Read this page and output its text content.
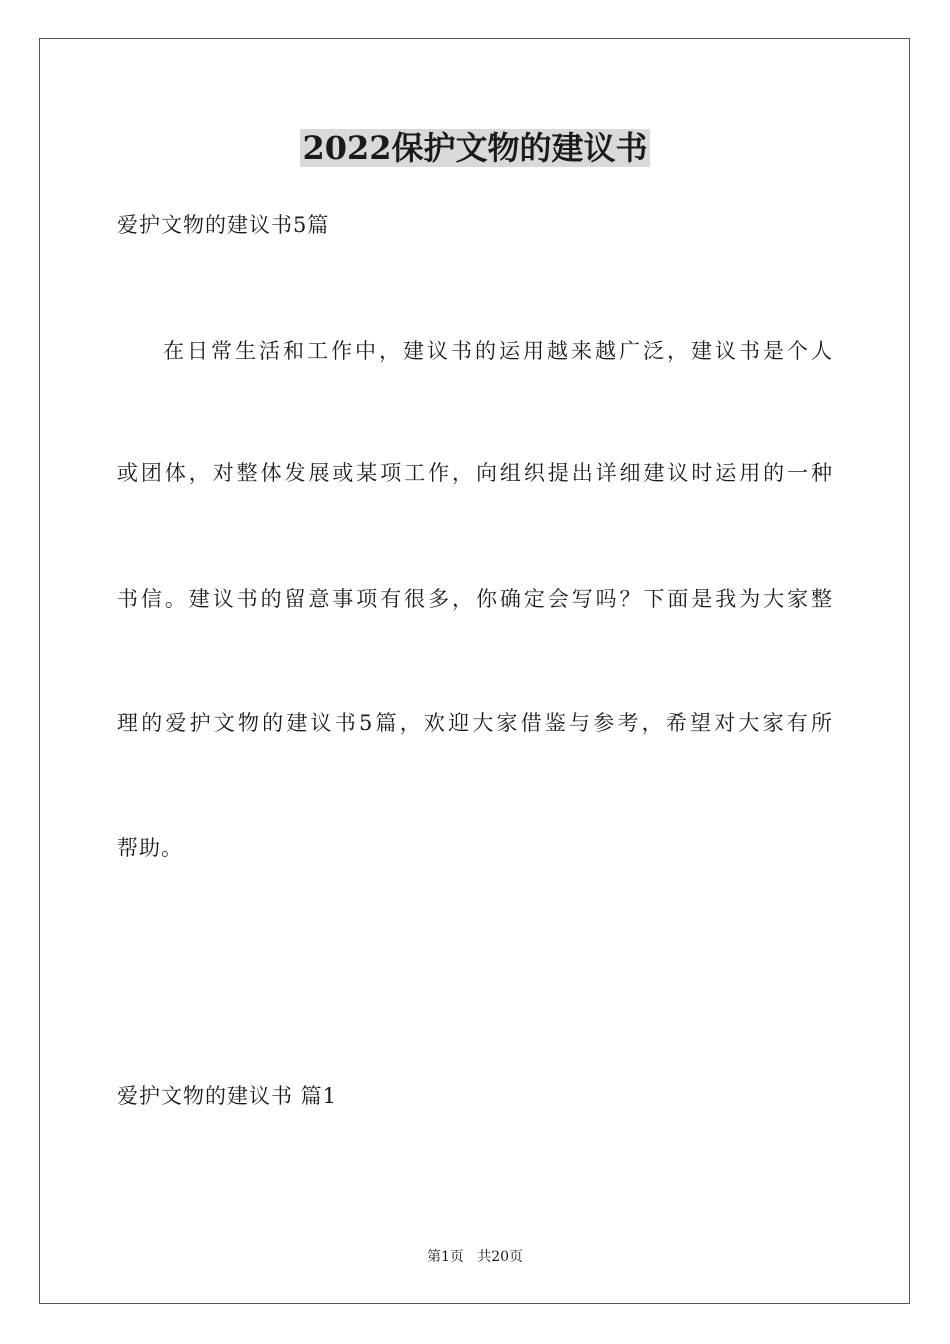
2022保护文物的建议书
爱护文物的建议书5篇
在日常生活和工作中，建议书的运用越来越广泛，建议书是个人
或团体，对整体发展或某项工作，向组织提出详细建议时运用的一种
书信。建议书的留意事项有很多，你确定会写吗？下面是我为大家整
理的爱护文物的建议书5篇，欢迎大家借鉴与参考，希望对大家有所
帮助。
爱护文物的建议书 篇1
第1页   共20页
